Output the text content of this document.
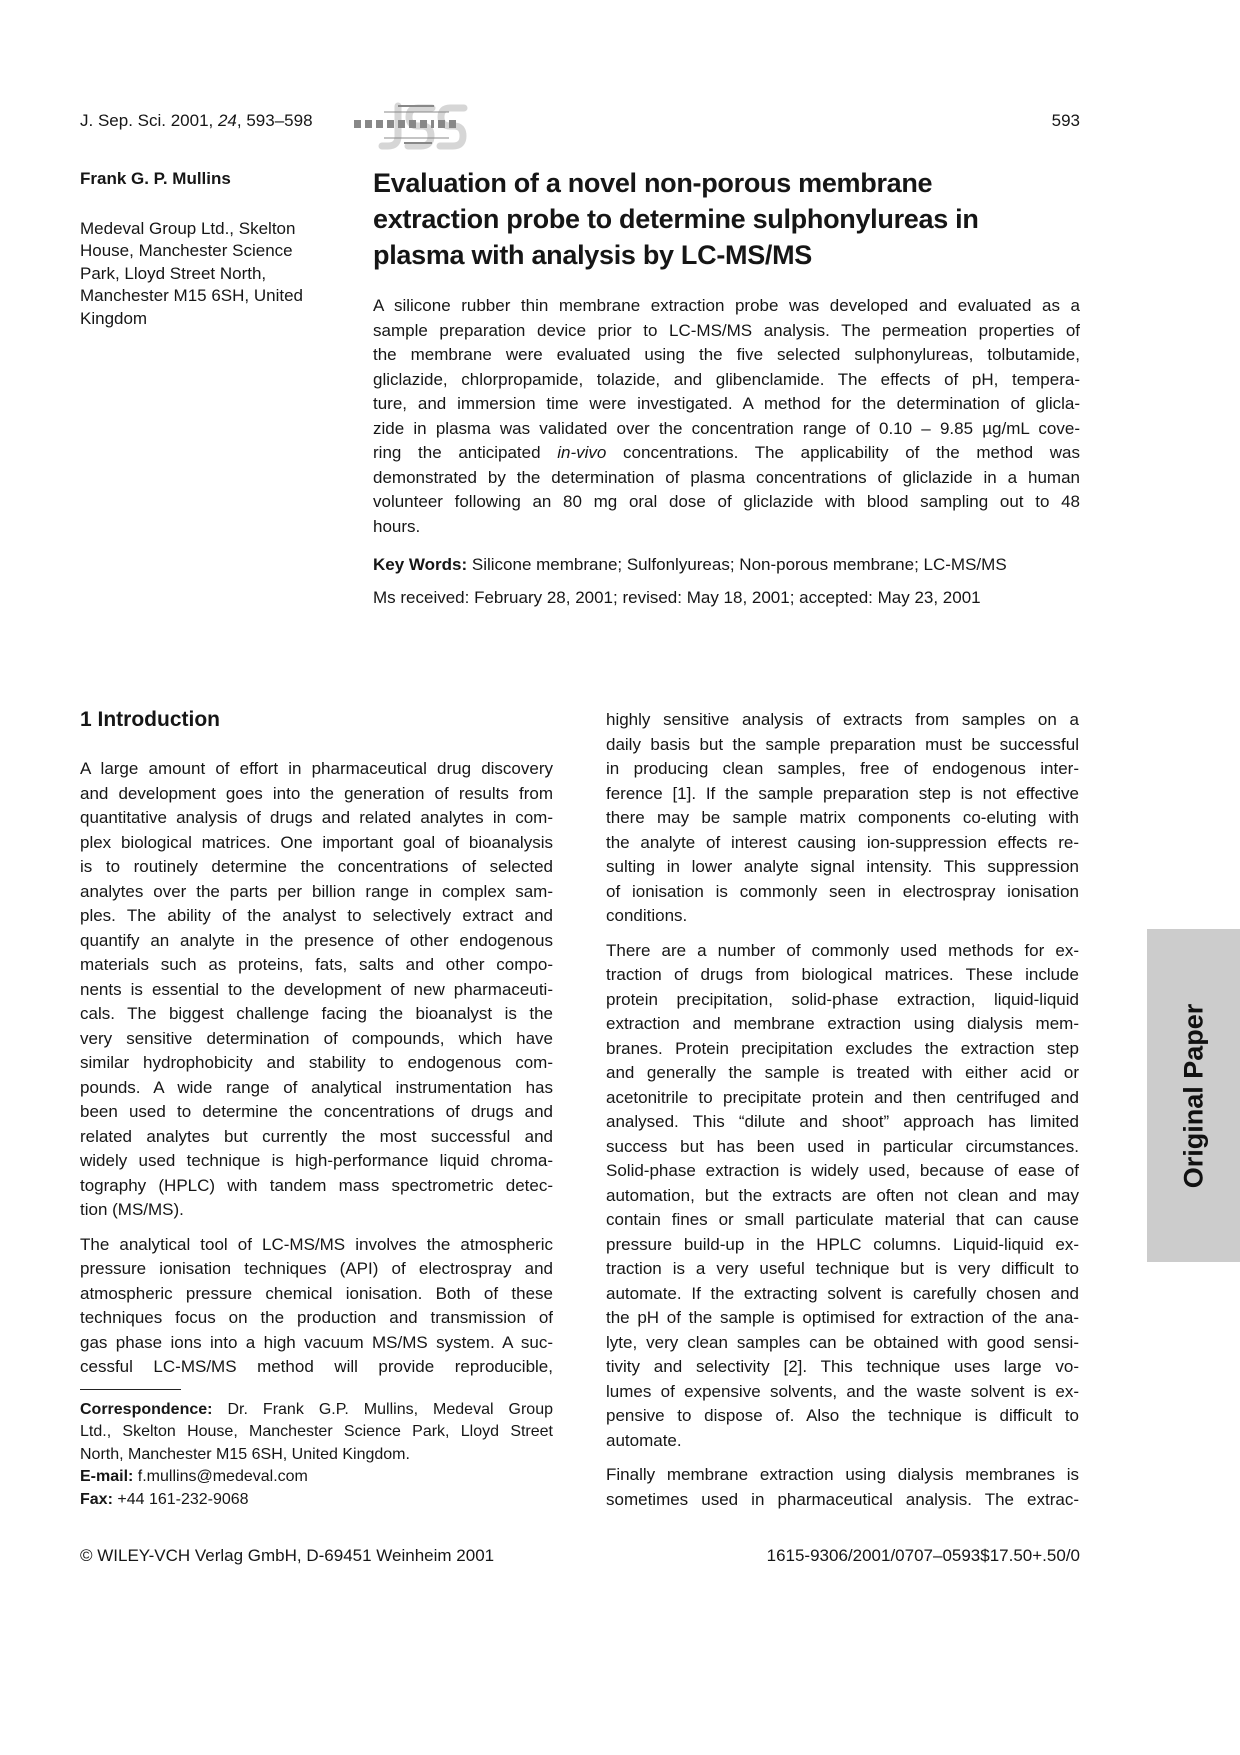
J. Sep. Sci. 2001, 24, 593–598	593
Frank G. P. Mullins
Medeval Group Ltd., Skelton
House, Manchester Science
Park, Lloyd Street North,
Manchester M15 6SH, United
Kingdom
Evaluation of a novel non-porous membrane
extraction probe to determine sulphonylureas in
plasma with analysis by LC-MS/MS
A silicone rubber thin membrane extraction probe was developed and evaluated as a
sample preparation device prior to LC-MS/MS analysis. The permeation properties of
the membrane were evaluated using the five selected sulphonylureas, tolbutamide,
gliclazide, chlorpropamide, tolazide, and glibenclamide. The effects of pH, tempera-
ture, and immersion time were investigated. A method for the determination of glicla-
zide in plasma was validated over the concentration range of 0.10 – 9.85 µg/mL cove-
ring the anticipated in-vivo concentrations. The applicability of the method was
demonstrated by the determination of plasma concentrations of gliclazide in a human
volunteer following an 80 mg oral dose of gliclazide with blood sampling out to 48
hours.
Key Words: Silicone membrane; Sulfonlyureas; Non-porous membrane; LC-MS/MS
Ms received: February 28, 2001; revised: May 18, 2001; accepted: May 23, 2001
1 Introduction
A large amount of effort in pharmaceutical drug discovery
and development goes into the generation of results from
quantitative analysis of drugs and related analytes in com-
plex biological matrices. One important goal of bioanalysis
is to routinely determine the concentrations of selected
analytes over the parts per billion range in complex sam-
ples. The ability of the analyst to selectively extract and
quantify an analyte in the presence of other endogenous
materials such as proteins, fats, salts and other compo-
nents is essential to the development of new pharmaceuti-
cals. The biggest challenge facing the bioanalyst is the
very sensitive determination of compounds, which have
similar hydrophobicity and stability to endogenous com-
pounds. A wide range of analytical instrumentation has
been used to determine the concentrations of drugs and
related analytes but currently the most successful and
widely used technique is high-performance liquid chroma-
tography (HPLC) with tandem mass spectrometric detec-
tion (MS/MS).
The analytical tool of LC-MS/MS involves the atmospheric
pressure ionisation techniques (API) of electrospray and
atmospheric pressure chemical ionisation. Both of these
techniques focus on the production and transmission of
gas phase ions into a high vacuum MS/MS system. A suc-
cessful LC-MS/MS method will provide reproducible,
highly sensitive analysis of extracts from samples on a
daily basis but the sample preparation must be successful
in producing clean samples, free of endogenous inter-
ference [1]. If the sample preparation step is not effective
there may be sample matrix components co-eluting with
the analyte of interest causing ion-suppression effects re-
sulting in lower analyte signal intensity. This suppression
of ionisation is commonly seen in electrospray ionisation
conditions.
There are a number of commonly used methods for ex-
traction of drugs from biological matrices. These include
protein precipitation, solid-phase extraction, liquid-liquid
extraction and membrane extraction using dialysis mem-
branes. Protein precipitation excludes the extraction step
and generally the sample is treated with either acid or
acetonitrile to precipitate protein and then centrifuged and
analysed. This “dilute and shoot” approach has limited
success but has been used in particular circumstances.
Solid-phase extraction is widely used, because of ease of
automation, but the extracts are often not clean and may
contain fines or small particulate material that can cause
pressure build-up in the HPLC columns. Liquid-liquid ex-
traction is a very useful technique but is very difficult to
automate. If the extracting solvent is carefully chosen and
the pH of the sample is optimised for extraction of the ana-
lyte, very clean samples can be obtained with good sensi-
tivity and selectivity [2]. This technique uses large vo-
lumes of expensive solvents, and the waste solvent is ex-
pensive to dispose of. Also the technique is difficult to
automate.
Finally membrane extraction using dialysis membranes is
sometimes used in pharmaceutical analysis. The extrac-
Correspondence: Dr. Frank G.P. Mullins, Medeval Group
Ltd., Skelton House, Manchester Science Park, Lloyd Street
North, Manchester M15 6SH, United Kingdom.
E-mail: f.mullins@medeval.com
Fax: +44 161-232-9068
© WILEY-VCH Verlag GmbH, D-69451 Weinheim 2001	1615-9306/2001/0707–0593$17.50+.50/0
Original Paper
